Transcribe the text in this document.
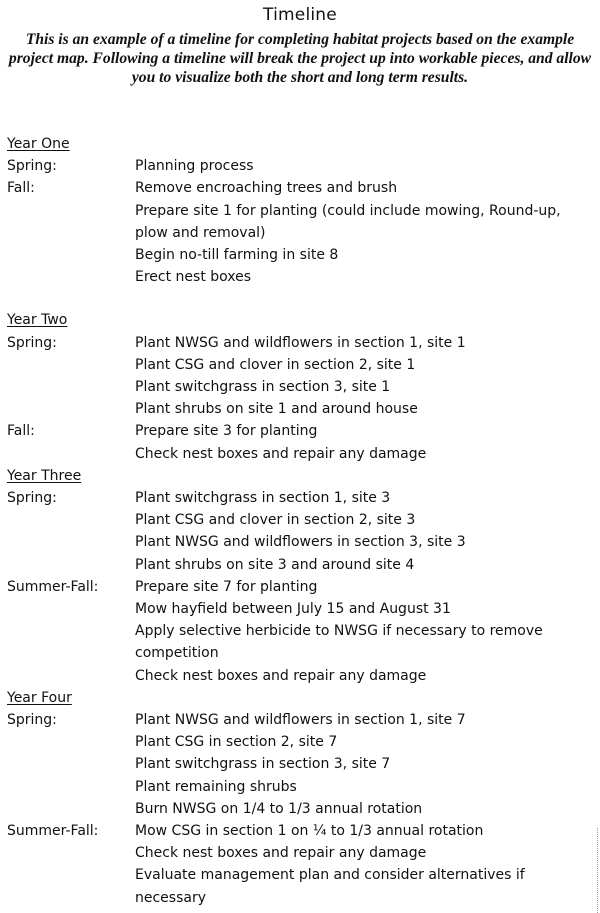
Timeline
This is an example of a timeline for completing habitat projects based on the example project map. Following a timeline will break the project up into workable pieces, and allow you to visualize both the short and long term results.
Year One
Spring:	Planning process
Fall:	Remove encroaching trees and brush
Prepare site 1 for planting (could include mowing, Round-up, plow and removal)
Begin no-till farming in site 8
Erect nest boxes
Year Two
Spring:	Plant NWSG and wildflowers in section 1, site 1
Plant CSG and clover in section 2, site 1
Plant switchgrass in section 3, site 1
Plant shrubs on site 1 and around house
Fall:	Prepare site 3 for planting
Check nest boxes and repair any damage
Year Three
Spring:	Plant switchgrass in section 1, site 3
Plant CSG and clover in section 2, site 3
Plant NWSG and wildflowers in section 3, site 3
Plant shrubs on site 3 and around site 4
Summer-Fall:	Prepare site 7 for planting
Mow hayfield between July 15 and August 31
Apply selective herbicide to NWSG if necessary to remove competition
Check nest boxes and repair any damage
Year Four
Spring:	Plant NWSG and wildflowers in section 1, site 7
Plant CSG in section 2, site 7
Plant switchgrass in section 3, site 7
Plant remaining shrubs
Burn NWSG on 1/4 to 1/3 annual rotation
Summer-Fall:	Mow CSG in section 1 on ¼ to 1/3 annual rotation
Check nest boxes and repair any damage
Evaluate management plan and consider alternatives if necessary
